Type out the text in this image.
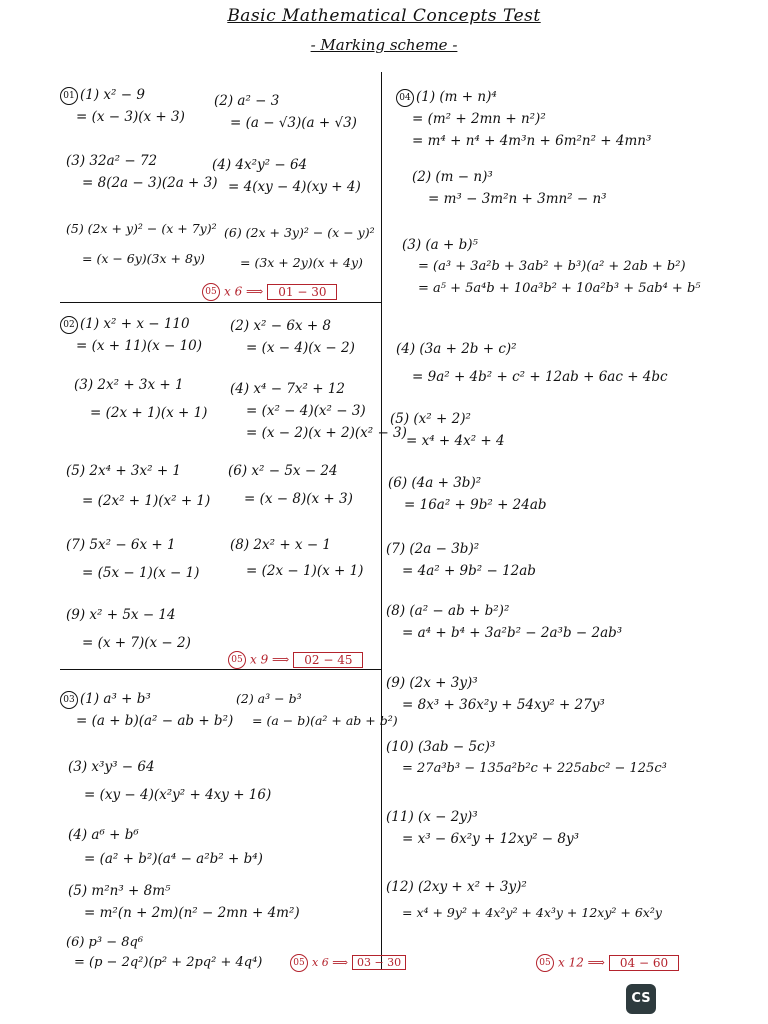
Basic Mathematical Concepts Test
- Marking scheme -
01 (1) x² − 9
= (x − 3)(x + 3)
(2) a² − 3
= (a − √3)(a + √3)
(3) 32a² − 72
= 8(2a − 3)(2a + 3)
(4) 4x²y² − 64
= 4(xy − 4)(xy + 4)
(5) (2x + y)² − (x + 7y)²
= (x − 6y)(3x + 8y)
(6) (2x + 3y)² − (x − y)²
= (3x + 2y)(x + 4y)
05 x 6 ⟹ 01 − 30
02 (1) x² + x − 110
= (x + 11)(x − 10)
(2) x² − 6x + 8
= (x − 4)(x − 2)
(3) 2x² + 3x + 1
= (2x + 1)(x + 1)
(4) x⁴ − 7x² + 12
= (x² − 4)(x² − 3)
= (x − 2)(x + 2)(x² − 3)
(5) 2x⁴ + 3x² + 1
= (2x² + 1)(x² + 1)
(6) x² − 5x − 24
= (x − 8)(x + 3)
(7) 5x² − 6x + 1
= (5x − 1)(x − 1)
(8) 2x² + x − 1
= (2x − 1)(x + 1)
(9) x² + 5x − 14
= (x + 7)(x − 2)
05 x 9 ⟹ 02 − 45
03 (1) a³ + b³
= (a + b)(a² − ab + b²)
(2) a³ − b³
= (a − b)(a² + ab + b²)
(3) x³y³ − 64
= (xy − 4)(x²y² + 4xy + 16)
(4) a⁶ + b⁶
= (a² + b²)(a⁴ − a²b² + b⁴)
(5) m²n³ + 8m⁵
= m²(n + 2m)(n² − 2mn + 4m²)
(6) p³ − 8q⁶
= (p − 2q²)(p² + 2pq² + 4q⁴)	05 x 6 ⟹ 03 − 30
04 (1) (m + n)⁴
= (m² + 2mn + n²)²
= m⁴ + n⁴ + 4m³n + 6m²n² + 4mn³
(2) (m − n)³
= m³ − 3m²n + 3mn² − n³
(3) (a + b)⁵
= (a³ + 3a²b + 3ab² + b³)(a² + 2ab + b²)
= a⁵ + 5a⁴b + 10a³b² + 10a²b³ + 5ab⁴ + b⁵
(4) (3a + 2b + c)²
= 9a² + 4b² + c² + 12ab + 6ac + 4bc
(5) (x² + 2)²
= x⁴ + 4x² + 4
(6) (4a + 3b)²
= 16a² + 9b² + 24ab
(7) (2a − 3b)²
= 4a² + 9b² − 12ab
(8) (a² − ab + b²)²
= a⁴ + b⁴ + 3a²b² − 2a³b − 2ab³
(9) (2x + 3y)³
= 8x³ + 36x²y + 54xy² + 27y³
(10) (3ab − 5c)³
= 27a³b³ − 135a²b²c + 225abc² − 125c³
(11) (x − 2y)³
= x³ − 6x²y + 12xy² − 8y³
(12) (2xy + x² + 3y)²
= x⁴ + 9y² + 4x²y² + 4x³y + 12xy² + 6x²y
05 x 12 ⟹ 04 − 60
CS
